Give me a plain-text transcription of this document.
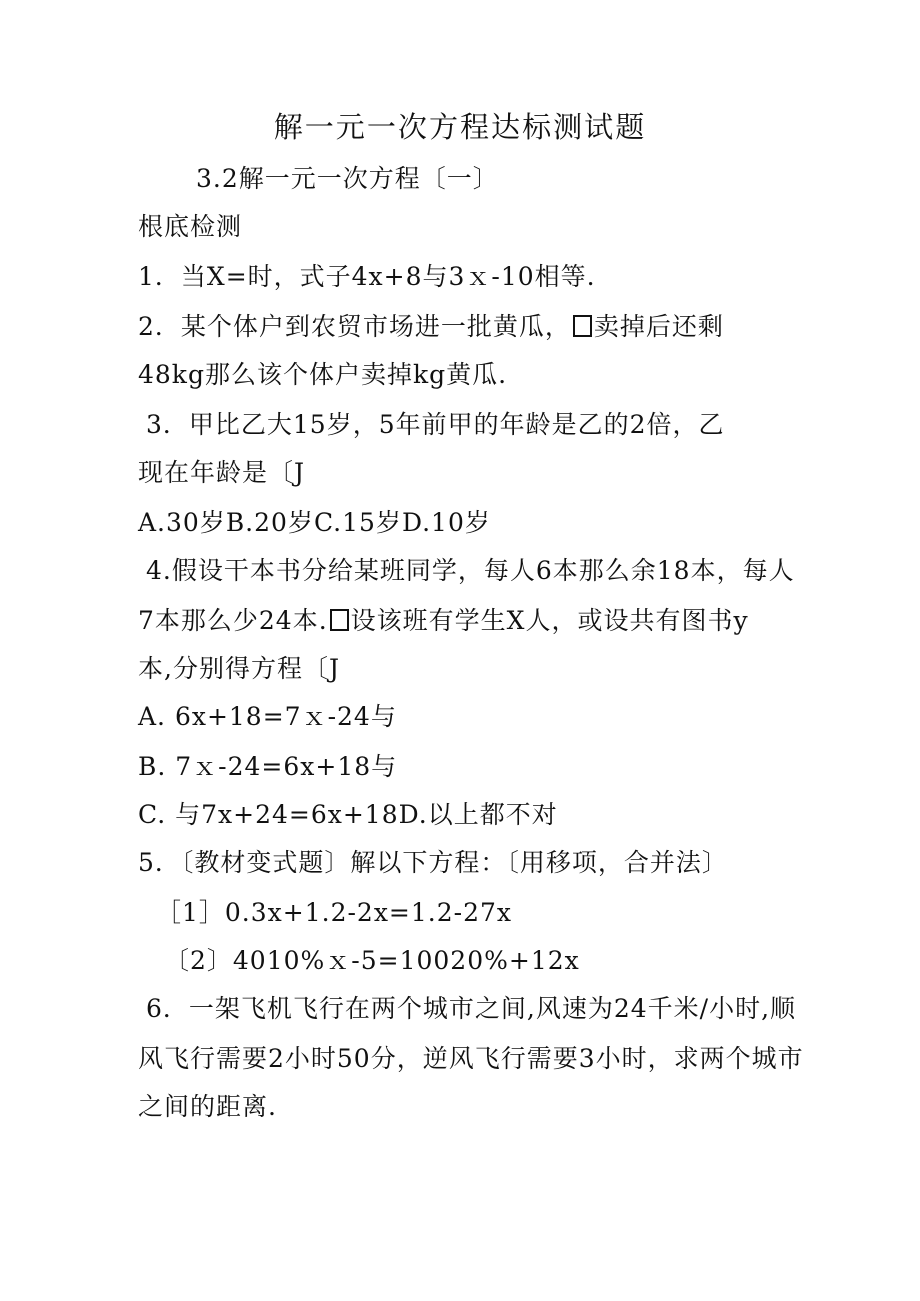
解一元一次方程达标测试题
3.2解一元一次方程〔一〕
根底检测
1．当X=时，式子4x+8与3ｘ-10相等.
2．某个体户到农贸市场进一批黄瓜， 卖掉后还剩
48kg那么该个体户卖掉kg黄瓜.
3．甲比乙大15岁，5年前甲的年龄是乙的2倍，乙
现在年龄是〔J
A.30岁B.20岁C.15岁D.10岁
4.假设干本书分给某班同学，每人6本那么余18本，每人
7本那么少24本. 设该班有学生X人，或设共有图书y
本,分别得方程〔J
A. 6x+18=7ｘ-24与
B. 7ｘ-24=6x+18与
C. 与7x+24=6x+18D.以上都不对
5．〔教材变式题〕解以下方程：〔用移项，合并法〕
［1］0.3x+1.2-2x=1.2-27x
〔2〕4010%ｘ-5=10020%+12x
6．一架飞机飞行在两个城市之间,风速为24千米/小时,顺
风飞行需要2小时50分，逆风飞行需要3小时，求两个城市
之间的距离.
